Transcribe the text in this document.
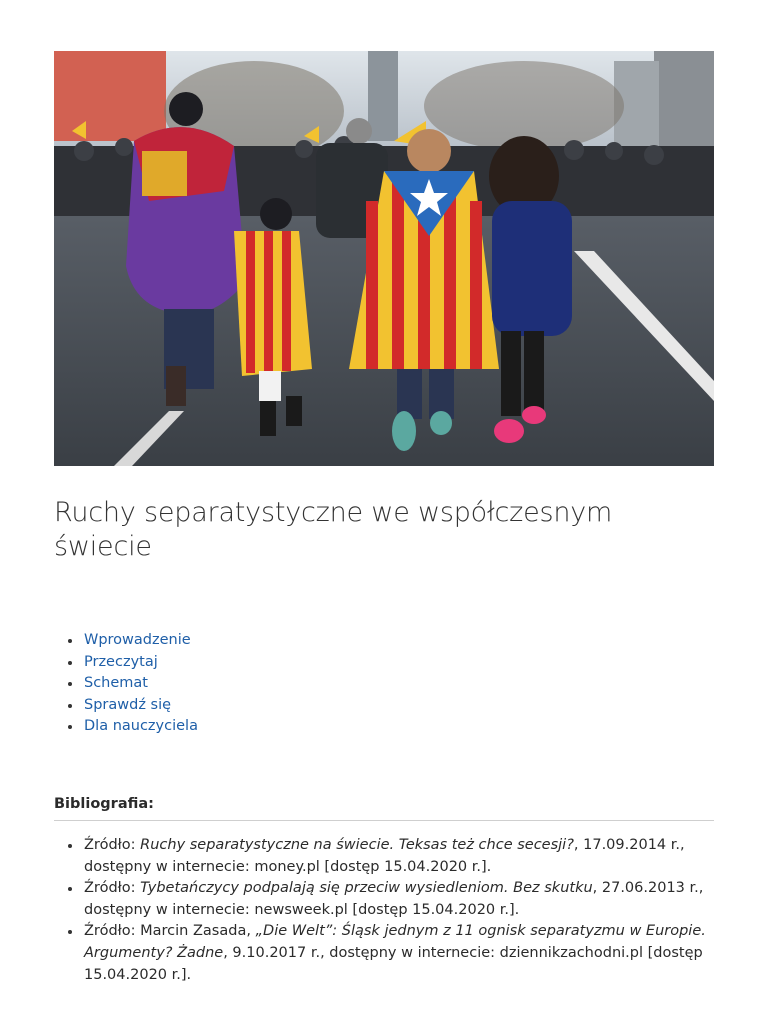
Ruchy separatystyczne we współczesnym świecie
Wprowadzenie
Przeczytaj
Schemat
Sprawdź się
Dla nauczyciela
Bibliografia:
Źródło: Ruchy separatystyczne na świecie. Teksas też chce secesji?, 17.09.2014 r., dostępny w internecie: money.pl [dostęp 15.04.2020 r.].
Źródło: Tybetańczycy podpalają się przeciw wysiedleniom. Bez skutku, 27.06.2013 r., dostępny w internecie: newsweek.pl [dostęp 15.04.2020 r.].
Źródło: Marcin Zasada, „Die Welt”: Śląsk jednym z 11 ognisk separatyzmu w Europie. Argumenty? Żadne, 9.10.2017 r., dostępny w internecie: dziennikzachodni.pl [dostęp 15.04.2020 r.].
